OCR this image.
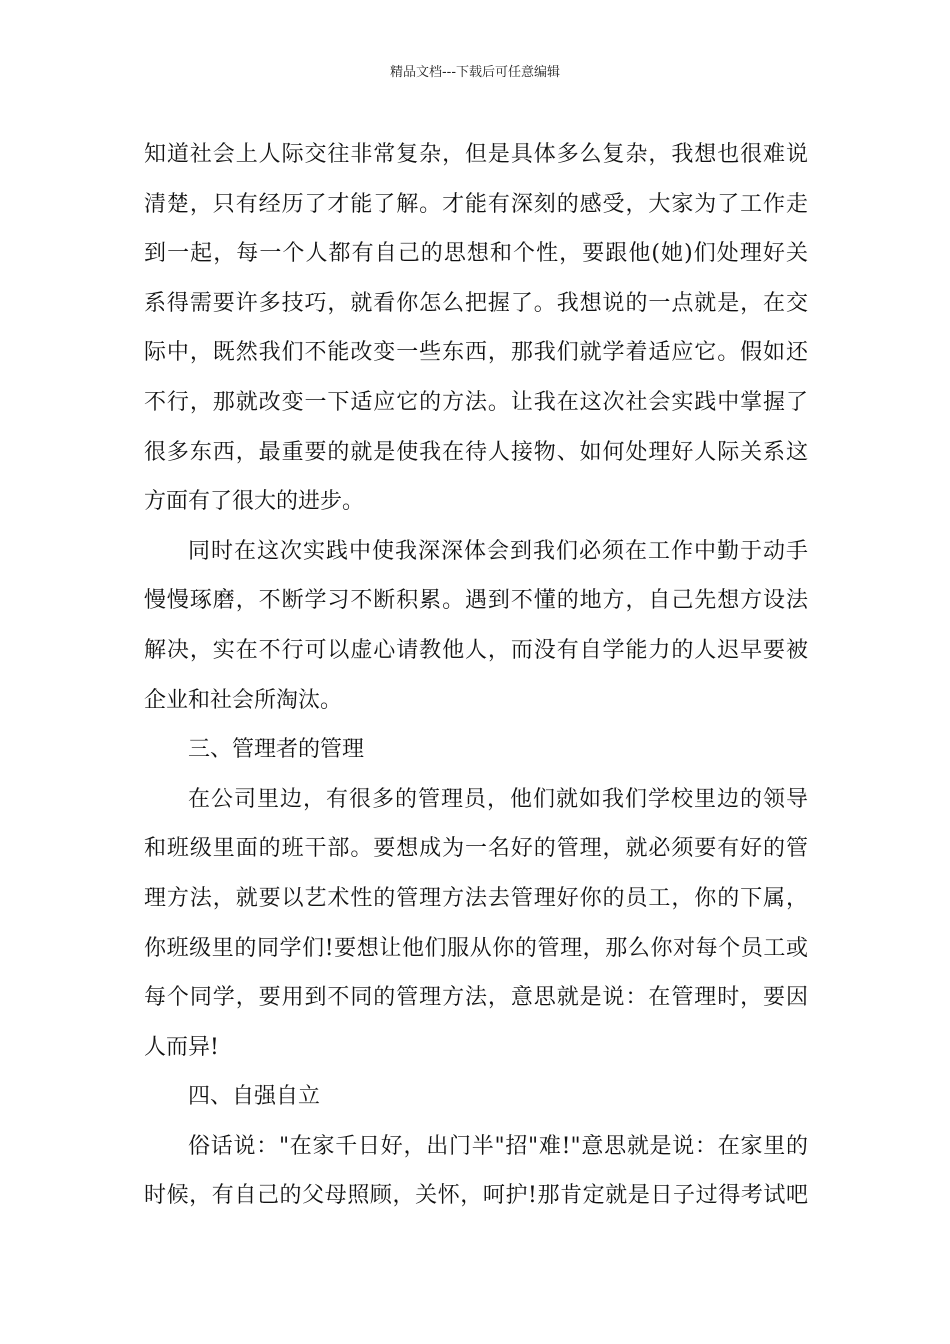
精品文档---下载后可任意编辑
知道社会上人际交往非常复杂，但是具体多么复杂，我想也很难说
清楚，只有经历了才能了解。才能有深刻的感受，大家为了工作走
到一起，每一个人都有自己的思想和个性，要跟他(她)们处理好关
系得需要许多技巧，就看你怎么把握了。我想说的一点就是，在交
际中，既然我们不能改变一些东西，那我们就学着适应它。假如还
不行，那就改变一下适应它的方法。让我在这次社会实践中掌握了
很多东西，最重要的就是使我在待人接物、如何处理好人际关系这
方面有了很大的进步。
同时在这次实践中使我深深体会到我们必须在工作中勤于动手
慢慢琢磨，不断学习不断积累。遇到不懂的地方，自己先想方设法
解决，实在不行可以虚心请教他人，而没有自学能力的人迟早要被
企业和社会所淘汰。
三、管理者的管理
在公司里边，有很多的管理员，他们就如我们学校里边的领导
和班级里面的班干部。要想成为一名好的管理，就必须要有好的管
理方法，就要以艺术性的管理方法去管理好你的员工，你的下属，
你班级里的同学们!要想让他们服从你的管理，那么你对每个员工或
每个同学，要用到不同的管理方法，意思就是说：在管理时，要因
人而异!
四、自强自立
俗话说："在家千日好，出门半"招"难!"意思就是说：在家里的
时候，有自己的父母照顾，关怀，呵护!那肯定就是日子过得考试吧
